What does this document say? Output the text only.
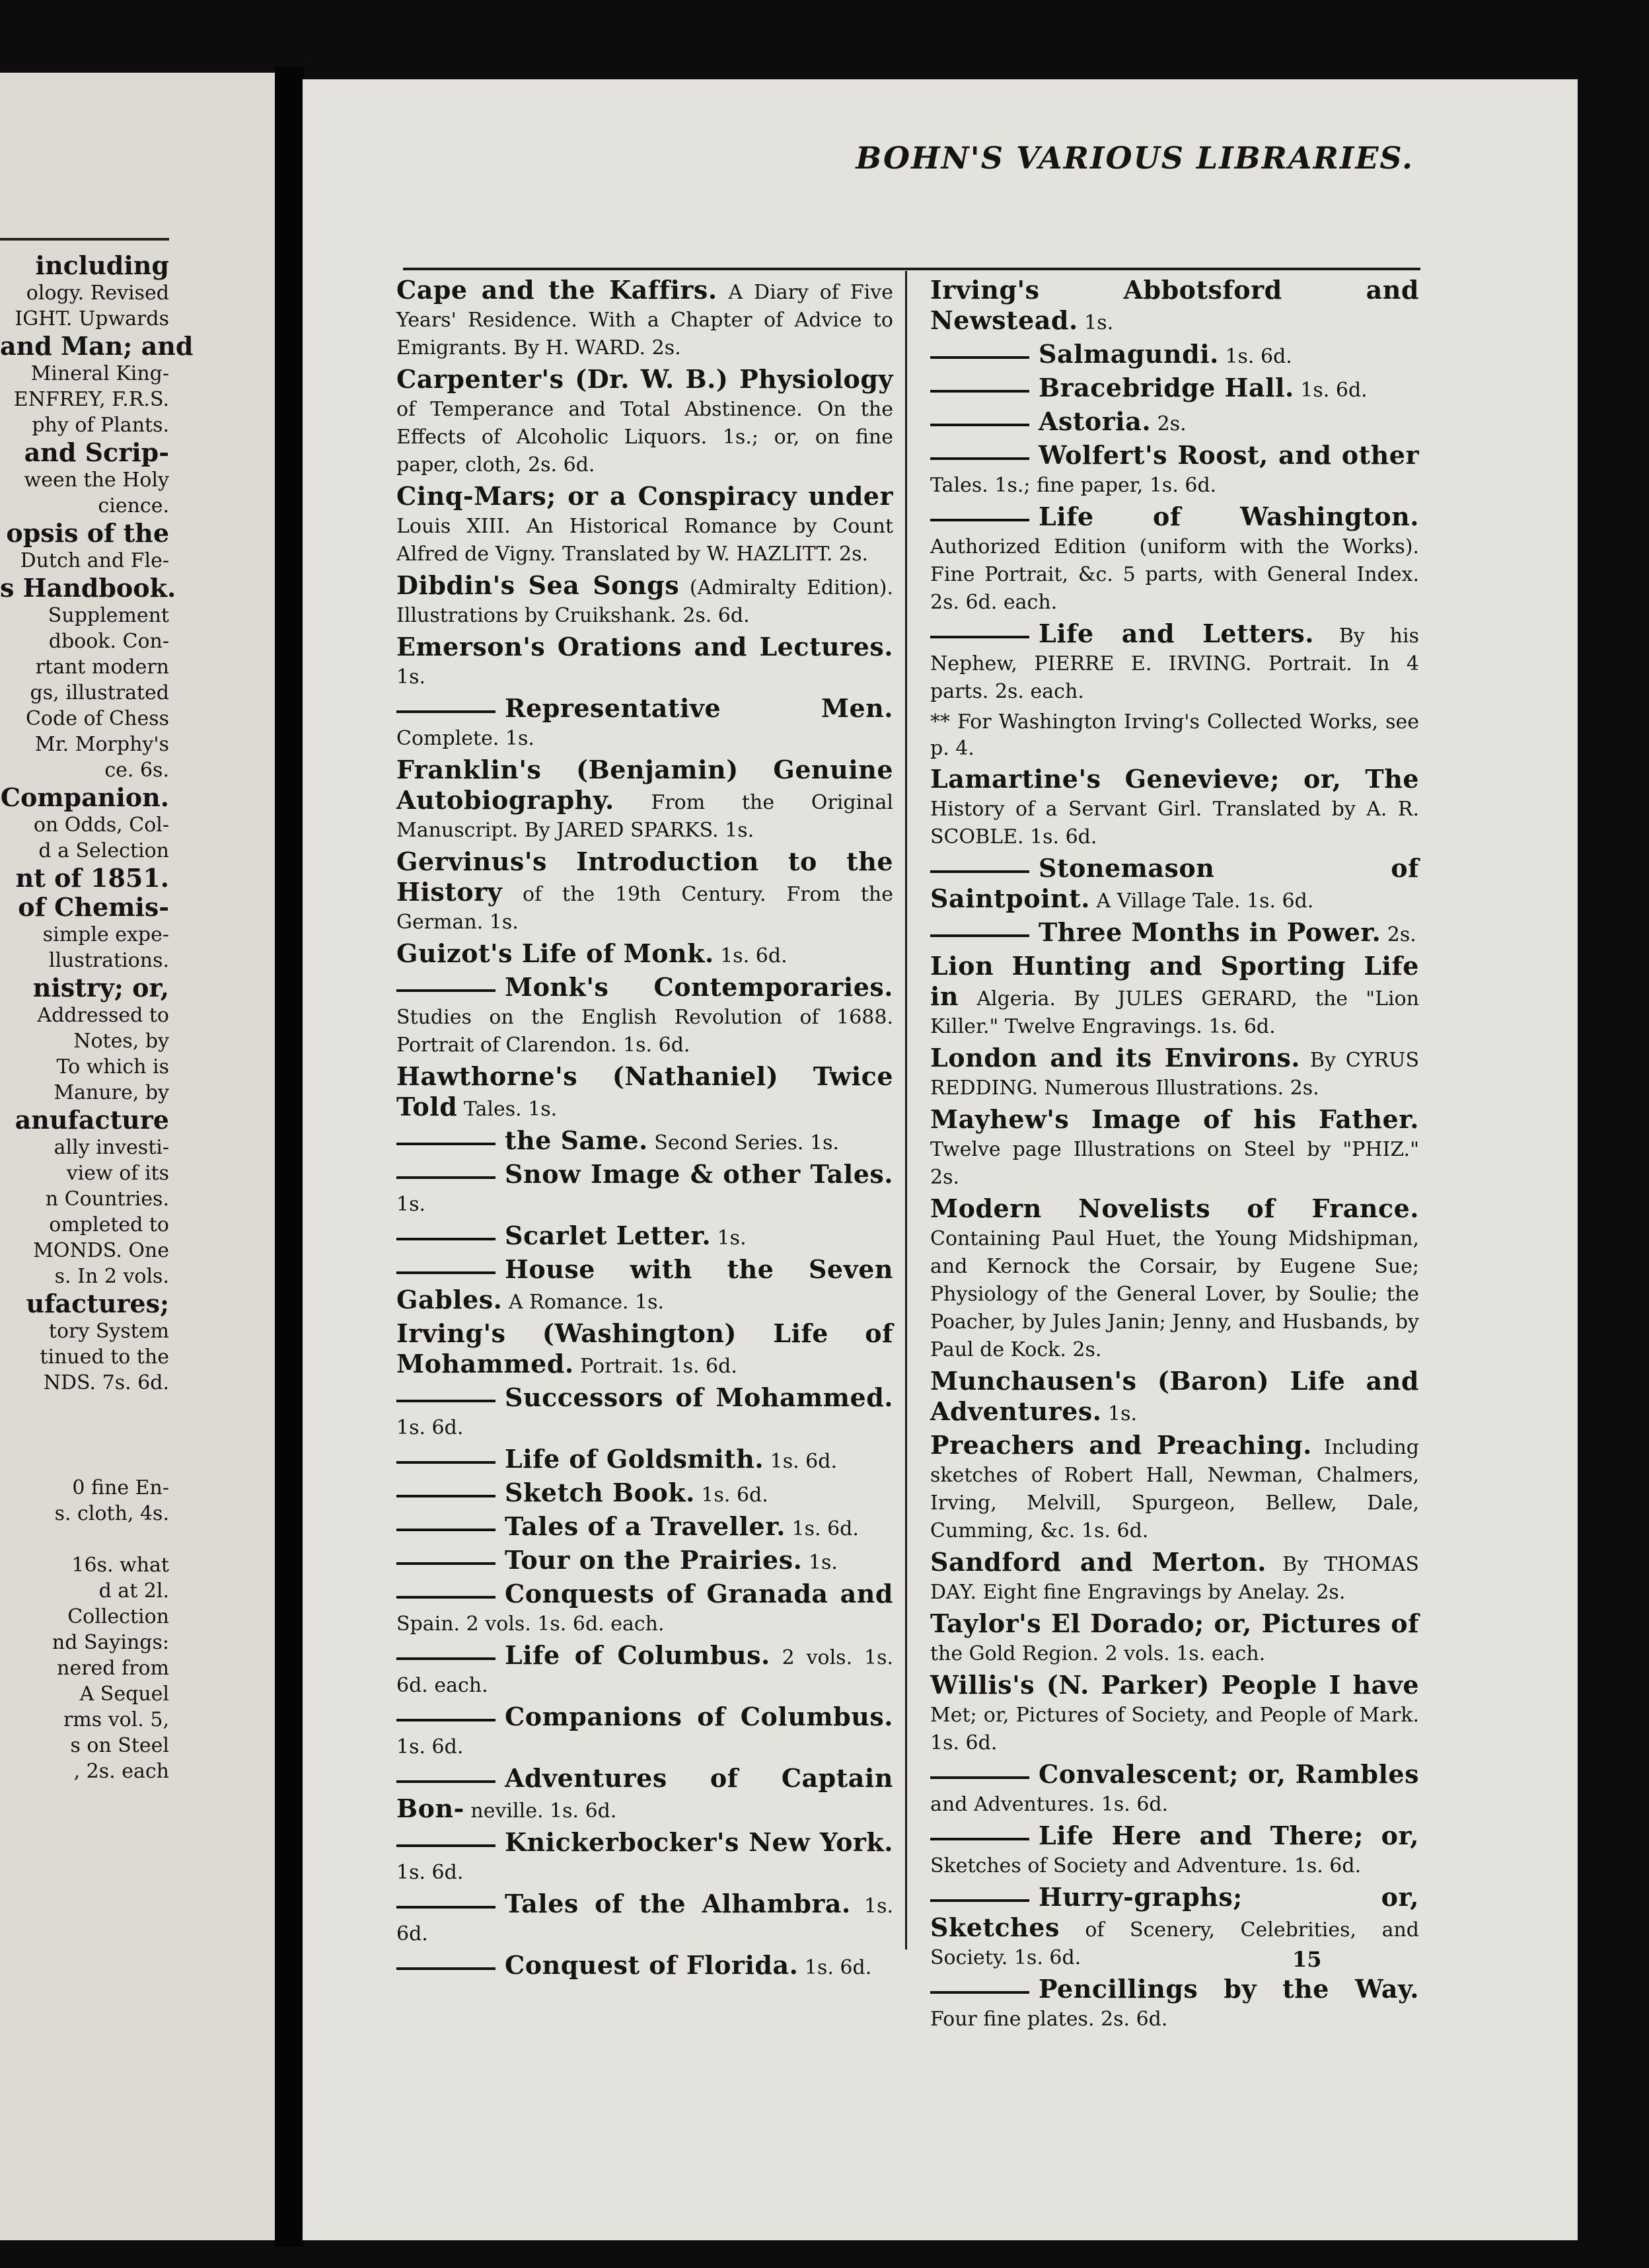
including
ology. Revised
IGHT. Upwards
and Man; and
Mineral King-
ENFREY, F.R.S.
phy of Plants.
and Scrip-
ween the Holy
cience.
opsis of the
Dutch and Fle-
s Handbook.
Supplement
dbook. Con-
rtant modern
gs, illustrated
Code of Chess
Mr. Morphy's
ce. 6s.
Companion.
on Odds, Col-
d a Selection
nt of 1851.
of Chemis-
simple expe-
llustrations.
nistry; or,
Addressed to
Notes, by
To which is
Manure, by
anufacture
ally investi-
view of its
n Countries.
ompleted to
MONDS. One
s. In 2 vols.
ufactures;
tory System
tinued to the
NDS. 7s. 6d.
0 fine En-
s. cloth, 4s.
16s. what
d at 2l.
Collection
nd Sayings:
nered from
A Sequel
rms vol. 5,
s on Steel
, 2s. each
BOHN'S VARIOUS LIBRARIES.
Cape and the Kaffirs. A Diary of Five Years' Residence. With a Chapter of Advice to Emigrants. By H. WARD. 2s.
Carpenter's (Dr. W. B.) Physiology of Temperance and Total Abstinence. On the Effects of Alcoholic Liquors. 1s.; or, on fine paper, cloth, 2s. 6d.
Cinq-Mars; or a Conspiracy under Louis XIII. An Historical Romance by Count Alfred de Vigny. Translated by W. HAZLITT. 2s.
Dibdin's Sea Songs (Admiralty Edition). Illustrations by Cruikshank. 2s. 6d.
Emerson's Orations and Lectures. 1s.
Representative Men. Complete. 1s.
Franklin's (Benjamin) Genuine Autobiography. From the Original Manuscript. By JARED SPARKS. 1s.
Gervinus's Introduction to the History of the 19th Century. From the German. 1s.
Guizot's Life of Monk. 1s. 6d.
Monk's Contemporaries. Studies on the English Revolution of 1688. Portrait of Clarendon. 1s. 6d.
Hawthorne's (Nathaniel) Twice Told Tales. 1s.
the Same. Second Series. 1s.
Snow Image & other Tales. 1s.
Scarlet Letter. 1s.
House with the Seven Gables. A Romance. 1s.
Irving's (Washington) Life of Mohammed. Portrait. 1s. 6d.
Successors of Mohammed. 1s. 6d.
Life of Goldsmith. 1s. 6d.
Sketch Book. 1s. 6d.
Tales of a Traveller. 1s. 6d.
Tour on the Prairies. 1s.
Conquests of Granada and Spain. 2 vols. 1s. 6d. each.
Life of Columbus. 2 vols. 1s. 6d. each.
Companions of Columbus. 1s. 6d.
Adventures of Captain Bon- neville. 1s. 6d.
Knickerbocker's New York. 1s. 6d.
Tales of the Alhambra. 1s. 6d.
Conquest of Florida. 1s. 6d.
Irving's Abbotsford and Newstead. 1s.
Salmagundi. 1s. 6d.
Bracebridge Hall. 1s. 6d.
Astoria. 2s.
Wolfert's Roost, and other Tales. 1s.; fine paper, 1s. 6d.
Life of Washington. Authorized Edition (uniform with the Works). Fine Portrait, &c. 5 parts, with General Index. 2s. 6d. each.
Life and Letters. By his Nephew, PIERRE E. IRVING. Portrait. In 4 parts. 2s. each.
** For Washington Irving's Collected Works, see p. 4.
Lamartine's Genevieve; or, The History of a Servant Girl. Translated by A. R. SCOBLE. 1s. 6d.
Stonemason of Saintpoint. A Village Tale. 1s. 6d.
Three Months in Power. 2s.
Lion Hunting and Sporting Life in Algeria. By JULES GERARD, the "Lion Killer." Twelve Engravings. 1s. 6d.
London and its Environs. By CYRUS REDDING. Numerous Illustrations. 2s.
Mayhew's Image of his Father. Twelve page Illustrations on Steel by "PHIZ." 2s.
Modern Novelists of France. Containing Paul Huet, the Young Midshipman, and Kernock the Corsair, by Eugene Sue; Physiology of the General Lover, by Soulie; the Poacher, by Jules Janin; Jenny, and Husbands, by Paul de Kock. 2s.
Munchausen's (Baron) Life and Adventures. 1s.
Preachers and Preaching. Including sketches of Robert Hall, Newman, Chalmers, Irving, Melvill, Spurgeon, Bellew, Dale, Cumming, &c. 1s. 6d.
Sandford and Merton. By THOMAS DAY. Eight fine Engravings by Anelay. 2s.
Taylor's El Dorado; or, Pictures of the Gold Region. 2 vols. 1s. each.
Willis's (N. Parker) People I have Met; or, Pictures of Society, and People of Mark. 1s. 6d.
Convalescent; or, Rambles and Adventures. 1s. 6d.
Life Here and There; or, Sketches of Society and Adventure. 1s. 6d.
Hurry-graphs; or, Sketches of Scenery, Celebrities, and Society. 1s. 6d.
Pencillings by the Way. Four fine plates. 2s. 6d.
15
